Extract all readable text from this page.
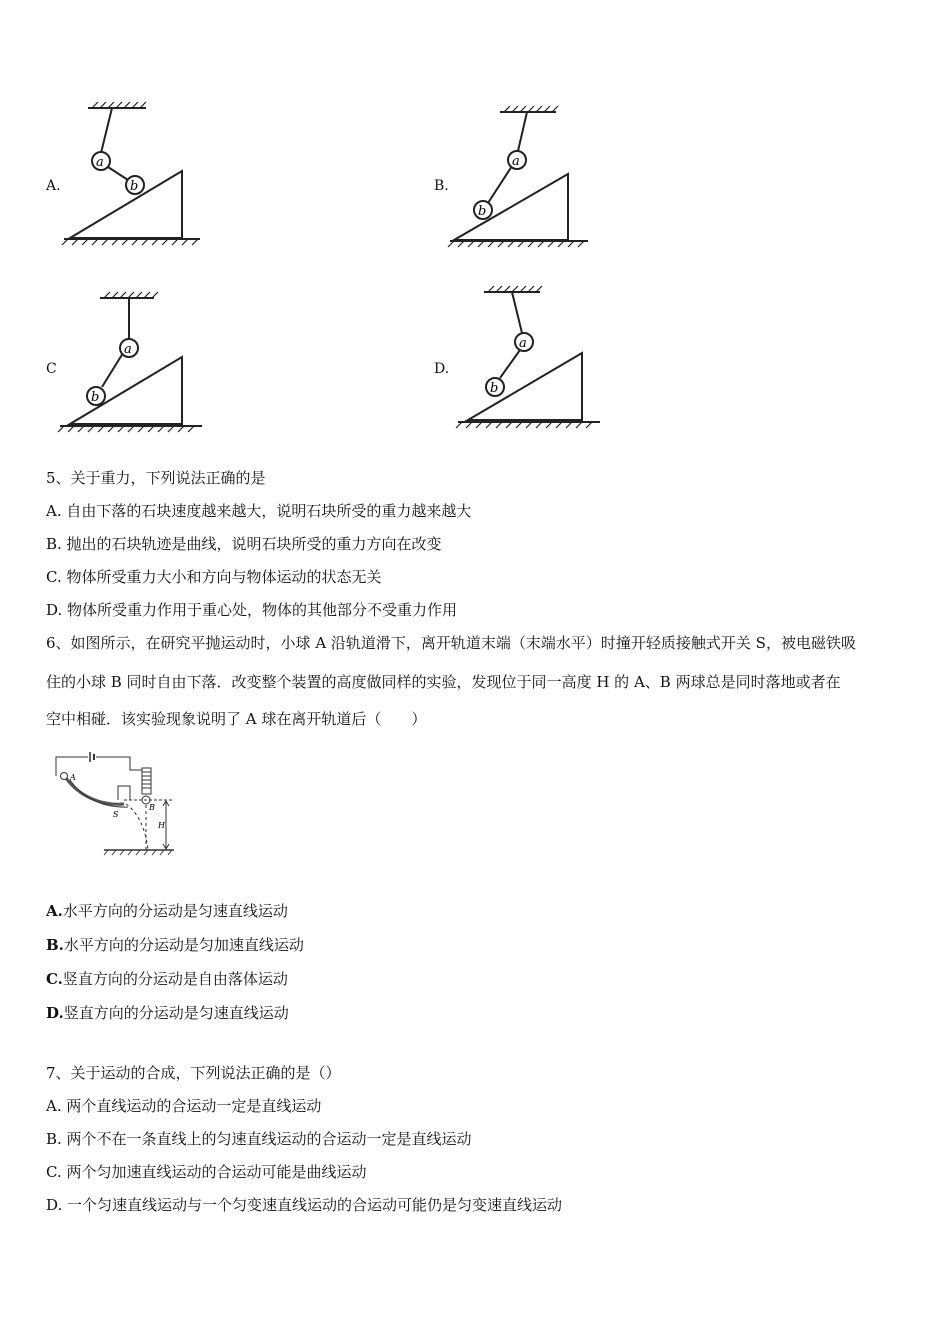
A.
a
b	B.
a
b
C
a
b
D.
a
b
5、关于重力，下列说法正确的是
A. 自由下落的石块速度越来越大，说明石块所受的重力越来越大
B. 抛出的石块轨迹是曲线，说明石块所受的重力方向在改变
C. 物体所受重力大小和方向与物体运动的状态无关
D. 物体所受重力作用于重心处，物体的其他部分不受重力作用
6、如图所示，在研究平抛运动时，小球 A 沿轨道滑下，离开轨道末端（末端水平）时撞开轻质接触式开关 S，被电磁铁吸
住的小球 B 同时自由下落．改变整个装置的高度做同样的实验，发现位于同一高度 H 的 A、B 两球总是同时落地或者在
空中相碰．该实验现象说明了 A 球在离开轨道后（　　）
A
B
S
H
A.水平方向的分运动是匀速直线运动
B.水平方向的分运动是匀加速直线运动
C.竖直方向的分运动是自由落体运动
D.竖直方向的分运动是匀速直线运动
7、关于运动的合成，下列说法正确的是（）
A. 两个直线运动的合运动一定是直线运动
B. 两个不在一条直线上的匀速直线运动的合运动一定是直线运动
C. 两个匀加速直线运动的合运动可能是曲线运动
D. 一个匀速直线运动与一个匀变速直线运动的合运动可能仍是匀变速直线运动
